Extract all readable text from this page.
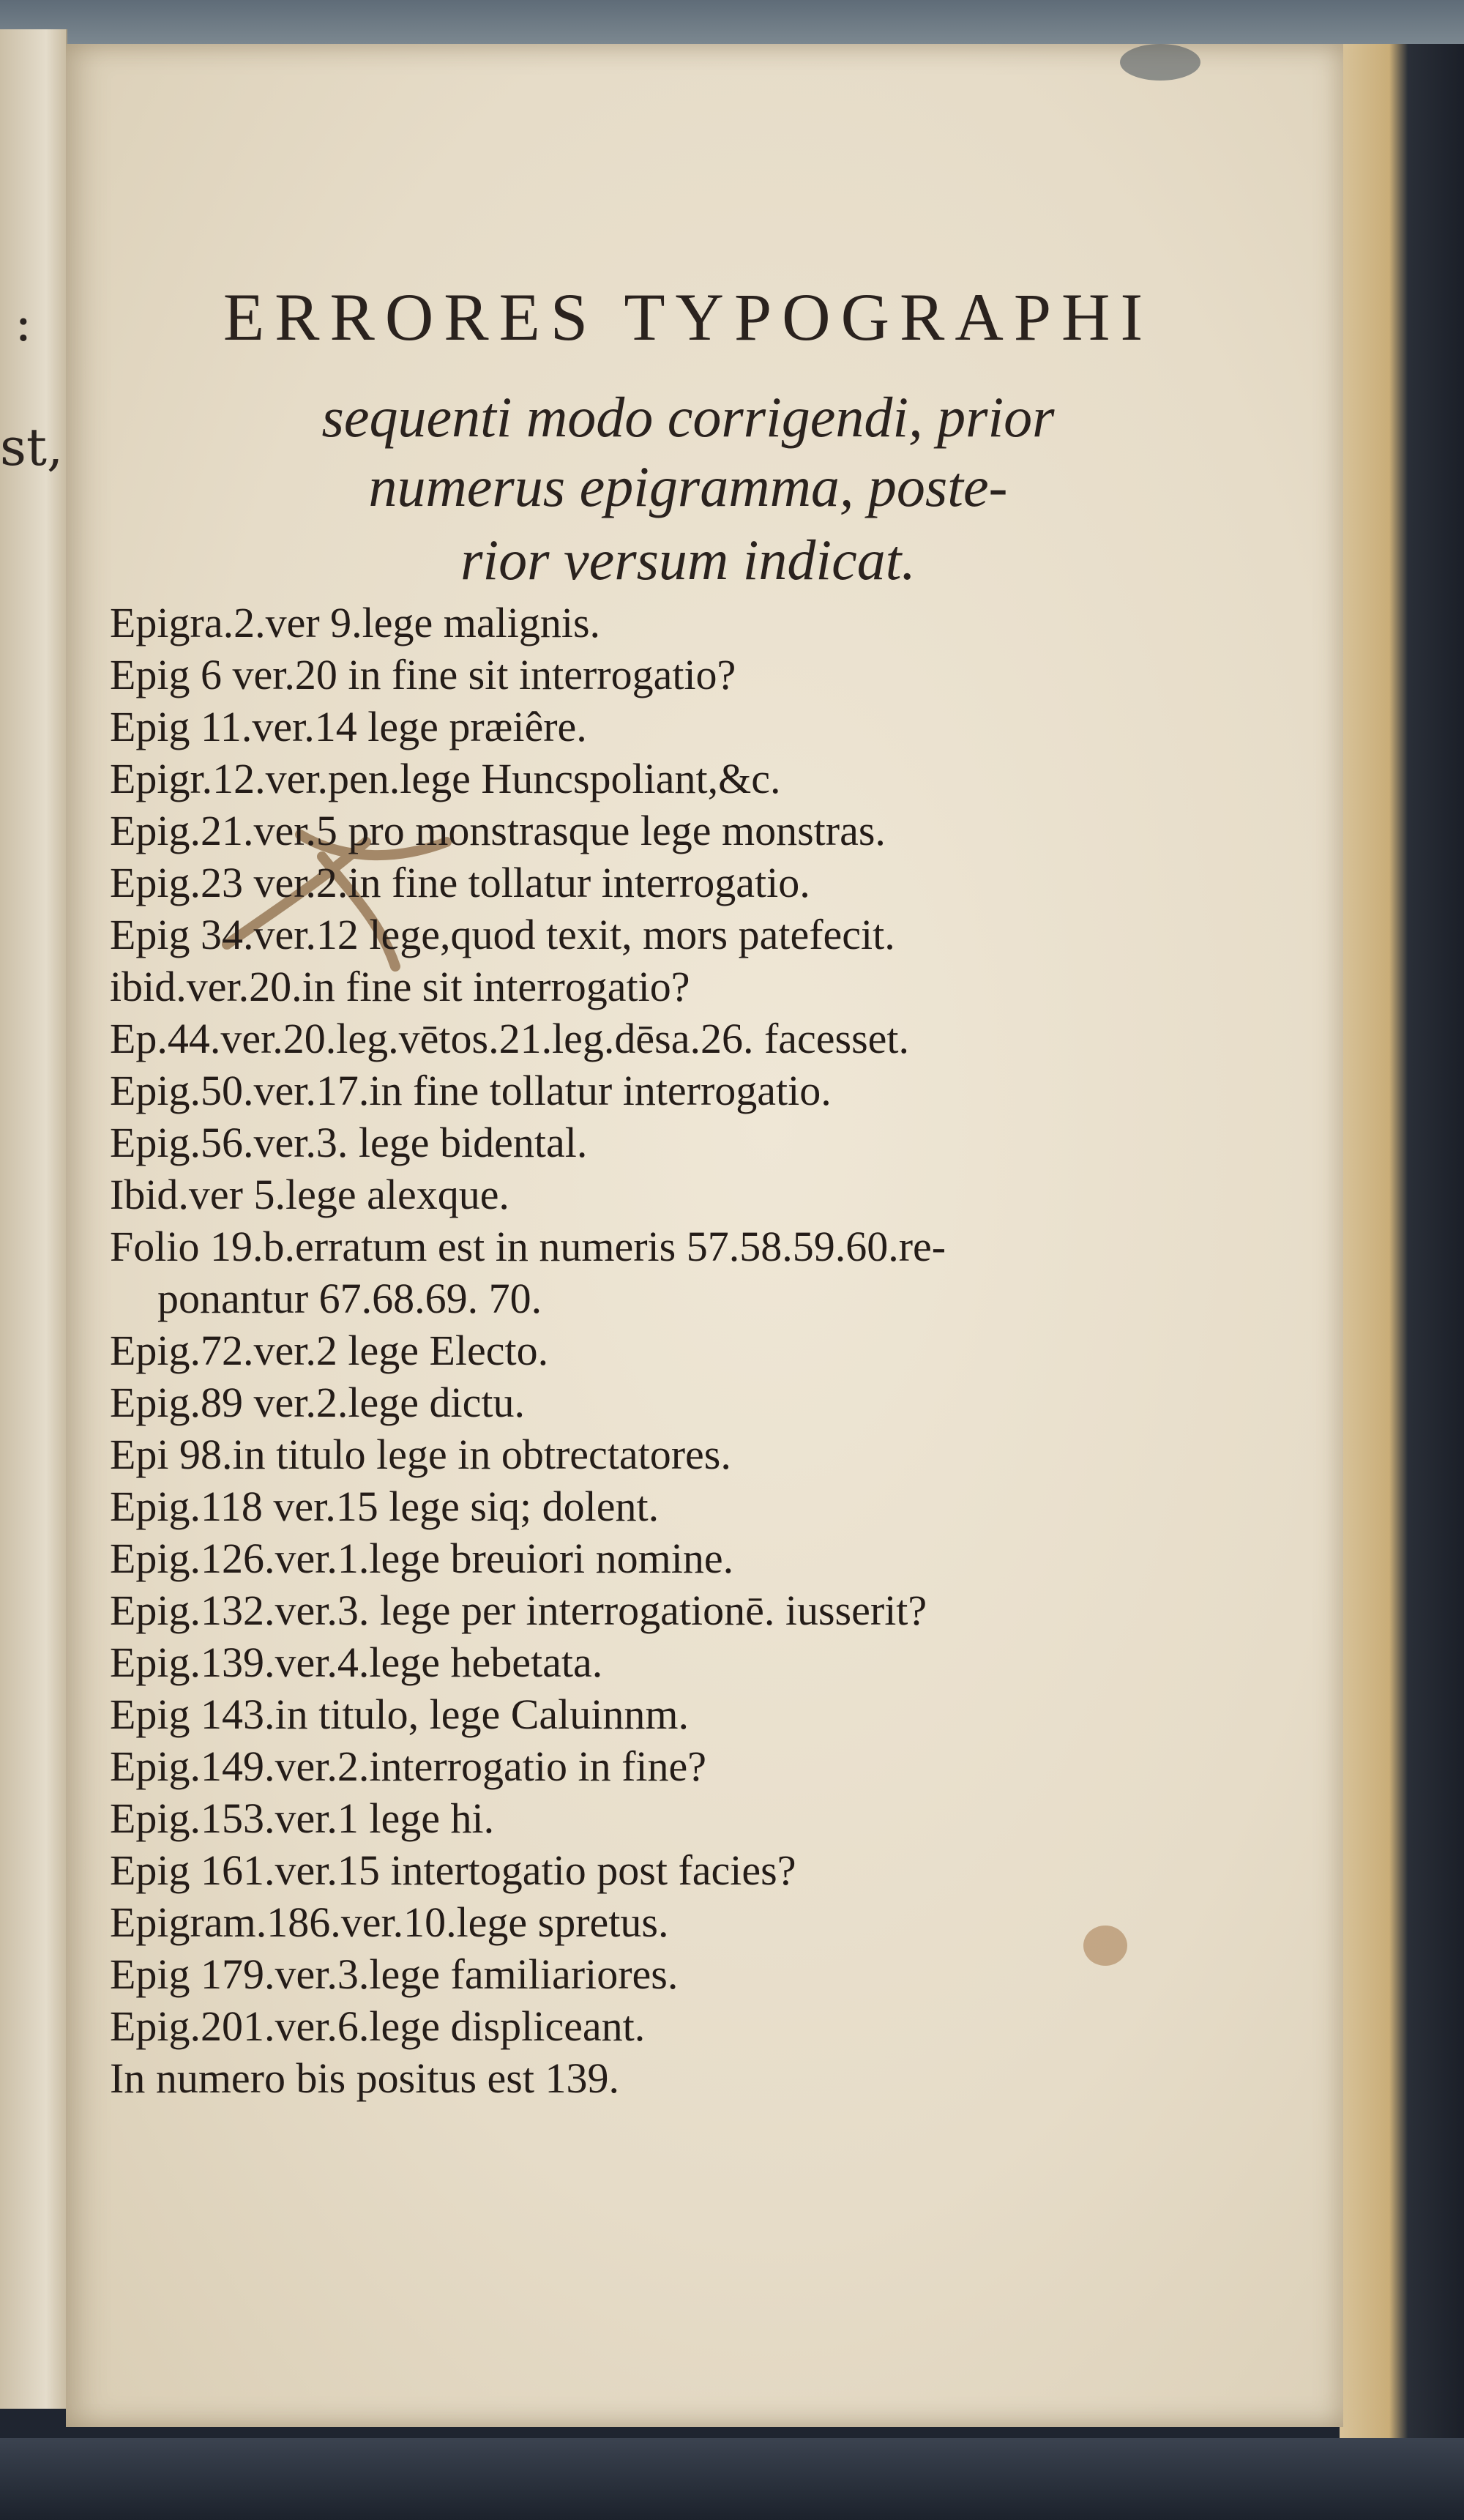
:
st,
ERRORES TYPOGRAPHI
sequenti modo corrigendi, prior
numerus epigramma, poste-
rior versum indicat.
Epigra.2.ver 9.lege malignis.
Epig 6 ver.20 in fine sit interrogatio?
Epig 11.ver.14 lege præiêre.
Epigr.12.ver.pen.lege Huncspoliant,&c.
Epig.21.ver.5 pro monstrasque lege monstras.
Epig.23 ver.2.in fine tollatur interrogatio.
Epig 34.ver.12 lege,quod texit, mors patefecit.
ibid.ver.20.in fine sit interrogatio?
Ep.44.ver.20.leg.vētos.21.leg.dēsa.26. facesset.
Epig.50.ver.17.in fine tollatur interrogatio.
Epig.56.ver.3. lege bidental.
Ibid.ver 5.lege alexque.
Folio 19.b.erratum est in numeris 57.58.59.60.re-
ponantur 67.68.69. 70.
Epig.72.ver.2 lege Electo.
Epig.89 ver.2.lege dictu.
Epi 98.in titulo lege in obtrectatores.
Epig.118 ver.15 lege siq; dolent.
Epig.126.ver.1.lege breuiori nomine.
Epig.132.ver.3. lege per interrogationē. iusserit?
Epig.139.ver.4.lege hebetata.
Epig 143.in titulo, lege Caluinnm.
Epig.149.ver.2.interrogatio in fine?
Epig.153.ver.1 lege hi.
Epig 161.ver.15 intertogatio post facies?
Epigram.186.ver.10.lege spretus.
Epig 179.ver.3.lege familiariores.
Epig.201.ver.6.lege displiceant.
In numero bis positus est 139.
